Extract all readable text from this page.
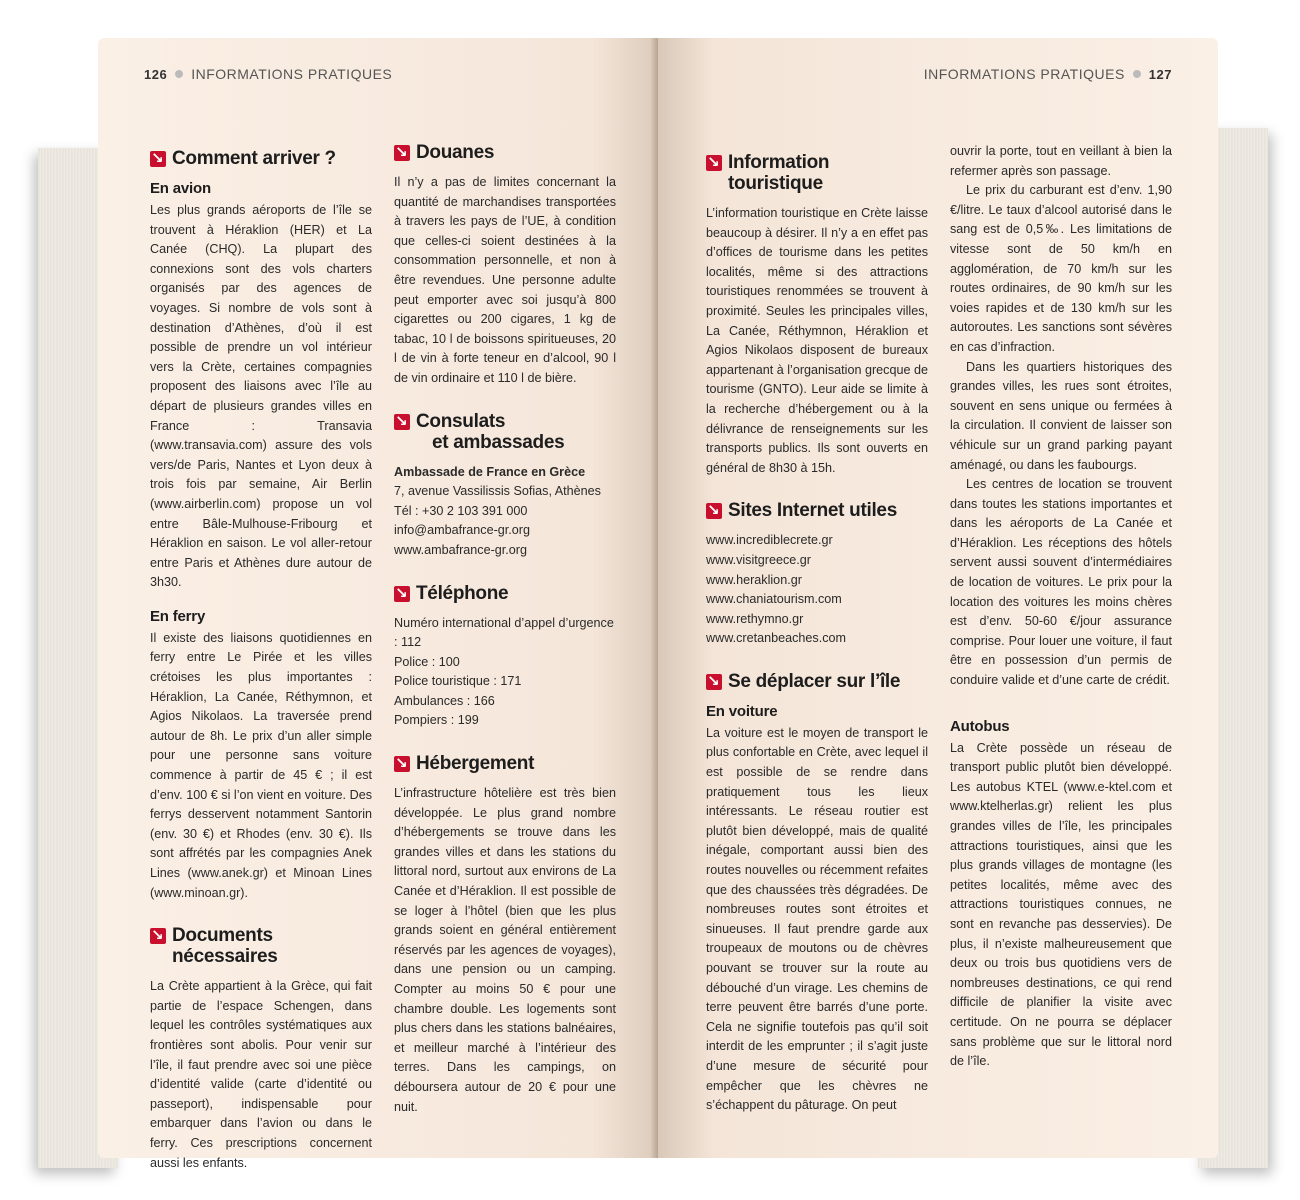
126 INFORMATIONS PRATIQUES
↘
Comment arriver ?
En avion

Les plus grands aéroports de l’île se trouvent à Héraklion (HER) et La Canée (CHQ). La plupart des connexions sont des vols charters organisés par des agences de voyages. Si nombre de vols sont à destination d’Athènes, d’où il est possible de prendre un vol intérieur vers la Crète, certaines compagnies proposent des liaisons avec l’île au départ de plusieurs grandes villes en France : Transavia (www.transavia.com) assure des vols vers/de Paris, Nantes et Lyon deux à trois fois par semaine, Air Berlin (www.airberlin.com) propose un vol entre Bâle-Mulhouse-Fribourg et Héraklion en saison. Le vol aller-retour entre Paris et Athènes dure autour de 3h30.

En ferry

Il existe des liaisons quotidiennes en ferry entre Le Pirée et les villes crétoises les plus importantes : Héraklion, La Canée, Réthymnon, et Agios Nikolaos. La traversée prend autour de 8h. Le prix d’un aller simple pour une personne sans voiture commence à partir de 45 € ; il est d’env. 100 € si l’on vient en voiture. Des ferrys desservent notamment Santorin (env. 30 €) et Rhodes (env. 30 €). Ils sont affrétés par les compagnies Anek Lines (www.anek.gr) et Minoan Lines (www.minoan.gr).

↘
Documents nécessaires

La Crète appartient à la Grèce, qui fait partie de l’espace Schengen, dans lequel les contrôles systématiques aux frontières sont abolis. Pour venir sur l’île, il faut prendre avec soi une pièce d’identité valide (carte d’identité ou passeport), indispensable pour embarquer dans l’avion ou dans le ferry. Ces prescriptions concernent aussi les enfants.

↘
Douanes

Il n’y a pas de limites concernant la quantité de marchandises transportées à travers les pays de l’UE, à condition que celles-ci soient destinées à la consommation personnelle, et non à être revendues. Une personne adulte peut emporter avec soi jusqu’à 800 cigarettes ou 200 cigares, 1 kg de tabac, 10 l de boissons spiritueuses, 20 l de vin à forte teneur en d’alcool, 90 l de vin ordinaire et 110 l de bière.

↘
Consulats
et ambassades
Ambassade de France en Grèce
7, avenue Vassilissis Sofias, Athènes
Tél : +30 2 103 391 000
info@ambafrance-gr.org
www.ambafrance-gr.org
↘
Téléphone
Numéro international d’appel d’urgence : 112
Police : 100
Police touristique : 171
Ambulances : 166
Pompiers : 199
↘
Hébergement

L’infrastructure hôtelière est très bien développée. Le plus grand nombre d’hébergements se trouve dans les grandes villes et dans les stations du littoral nord, surtout aux environs de La Canée et d’Héraklion. Il est possible de se loger à l’hôtel (bien que les plus grands soient en général entièrement réservés par les agences de voyages), dans une pension ou un camping. Compter au moins 50 € pour une chambre double. Les logements sont plus chers dans les stations balnéaires, et meilleur marché à l’intérieur des terres. Dans les campings, on déboursera autour de 20 € pour une nuit.

INFORMATIONS PRATIQUES 127
↘
Information touristique

L’information touristique en Crète laisse beaucoup à désirer. Il n’y a en effet pas d’offices de tourisme dans les petites localités, même si des attractions touristiques renommées se trouvent à proximité. Seules les principales villes, La Canée, Réthymnon, Héraklion et Agios Nikolaos disposent de bureaux appartenant à l’organisation grecque de tourisme (GNTO). Leur aide se limite à la recherche d’hébergement ou à la délivrance de renseignements sur les transports publics. Ils sont ouverts en général de 8h30 à 15h.

↘
Sites Internet utiles
www.incrediblecrete.gr
www.visitgreece.gr
www.heraklion.gr
www.chaniatourism.com
www.rethymno.gr
www.cretanbeaches.com
↘
Se déplacer sur l’île
En voiture

La voiture est le moyen de transport le plus confortable en Crète, avec lequel il est possible de se rendre dans pratiquement tous les lieux intéressants. Le réseau routier est plutôt bien développé, mais de qualité inégale, comportant aussi bien des routes nouvelles ou récemment refaites que des chaussées très dégradées. De nombreuses routes sont étroites et sinueuses. Il faut prendre garde aux troupeaux de moutons ou de chèvres pouvant se trouver sur la route au débouché d’un virage. Les chemins de terre peuvent être barrés d’une porte. Cela ne signifie toutefois pas qu’il soit interdit de les emprunter ; il s’agit juste d’une mesure de sécurité pour empêcher que les chèvres ne s’échappent du pâturage. On peut

ouvrir la porte, tout en veillant à bien la refermer après son passage.

Le prix du carburant est d’env. 1,90 €/litre. Le taux d’alcool autorisé dans le sang est de 0,5‰. Les limitations de vitesse sont de 50 km/h en agglomération, de 70 km/h sur les routes ordinaires, de 90 km/h sur les voies rapides et de 130 km/h sur les autoroutes. Les sanctions sont sévères en cas d’infraction.

Dans les quartiers historiques des grandes villes, les rues sont étroites, souvent en sens unique ou fermées à la circulation. Il convient de laisser son véhicule sur un grand parking payant aménagé, ou dans les faubourgs.

Les centres de location se trouvent dans toutes les stations importantes et dans les aéroports de La Canée et d’Héraklion. Les réceptions des hôtels servent aussi souvent d’intermédiaires de location de voitures. Le prix pour la location des voitures les moins chères est d’env. 50-60 €/jour assurance comprise. Pour louer une voiture, il faut être en possession d’un permis de conduire valide et d’une carte de crédit.

Autobus

La Crète possède un réseau de transport public plutôt bien développé. Les autobus KTEL (www.e-ktel.com et www.ktelherlas.gr) relient les plus grandes villes de l’île, les principales attractions touristiques, ainsi que les plus grands villages de montagne (les petites localités, même avec des attractions touristiques connues, ne sont en revanche pas desservies). De plus, il n’existe malheureusement que deux ou trois bus quotidiens vers de nombreuses destinations, ce qui rend difficile de planifier la visite avec certitude. On ne pourra se déplacer sans problème que sur le littoral nord de l’île.
